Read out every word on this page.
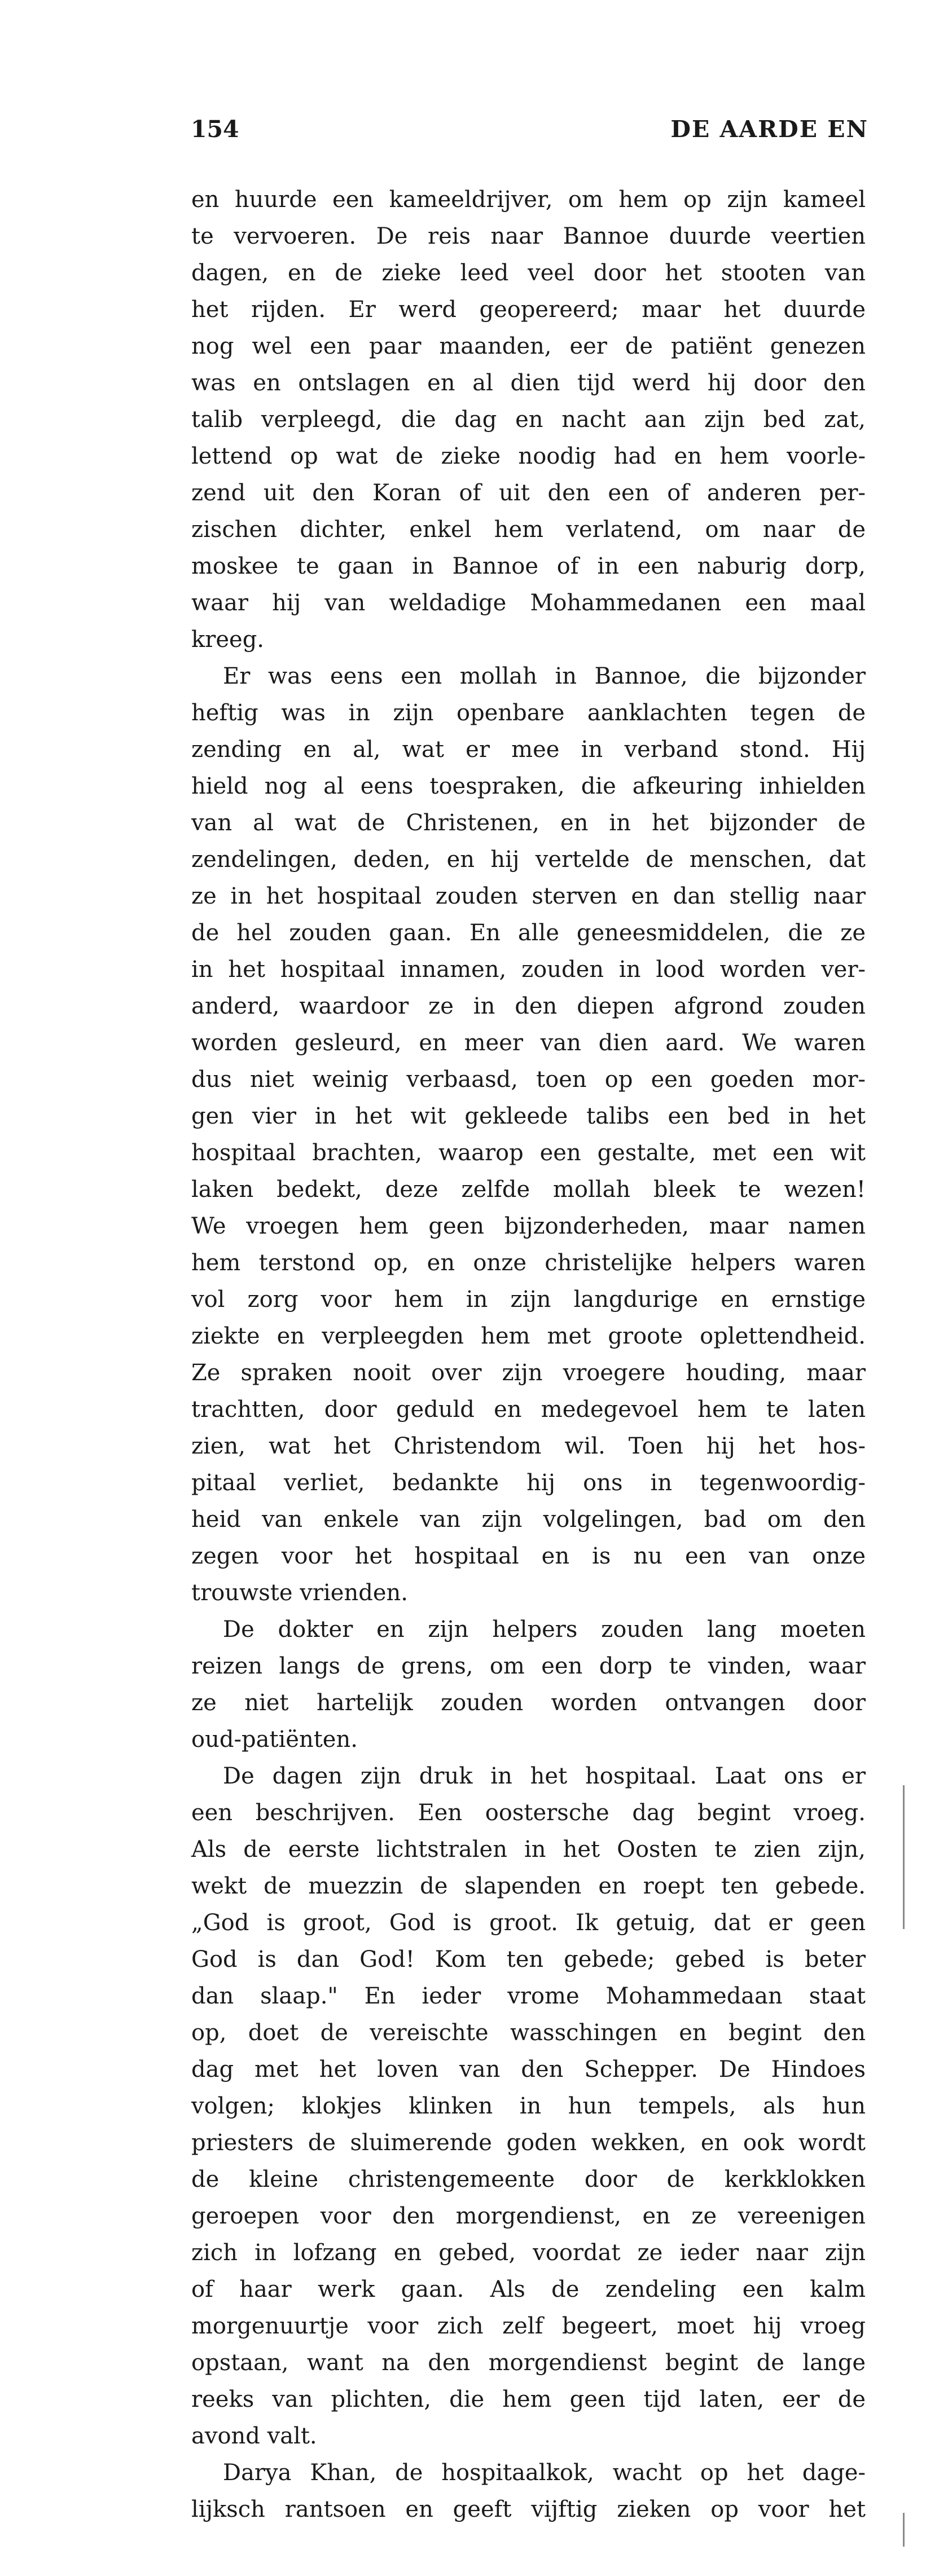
154	DE AARDE EN
en huurde een kameeldrijver, om hem op zijn kameel
te vervoeren. De reis naar Bannoe duurde veertien
dagen, en de zieke leed veel door het stooten van
het rijden. Er werd geopereerd; maar het duurde
nog wel een paar maanden, eer de patiënt genezen
was en ontslagen en al dien tijd werd hij door den
talib verpleegd, die dag en nacht aan zijn bed zat,
lettend op wat de zieke noodig had en hem voorle-
zend uit den Koran of uit den een of anderen per-
zischen dichter, enkel hem verlatend, om naar de
moskee te gaan in Bannoe of in een naburig dorp,
waar hij van weldadige Mohammedanen een maal
kreeg.
Er was eens een mollah in Bannoe, die bijzonder
heftig was in zijn openbare aanklachten tegen de
zending en al, wat er mee in verband stond. Hij
hield nog al eens toespraken, die afkeuring inhielden
van al wat de Christenen, en in het bijzonder de
zendelingen, deden, en hij vertelde de menschen, dat
ze in het hospitaal zouden sterven en dan stellig naar
de hel zouden gaan. En alle geneesmiddelen, die ze
in het hospitaal innamen, zouden in lood worden ver-
anderd, waardoor ze in den diepen afgrond zouden
worden gesleurd, en meer van dien aard. We waren
dus niet weinig verbaasd, toen op een goeden mor-
gen vier in het wit gekleede talibs een bed in het
hospitaal brachten, waarop een gestalte, met een wit
laken bedekt, deze zelfde mollah bleek te wezen!
We vroegen hem geen bijzonderheden, maar namen
hem terstond op, en onze christelijke helpers waren
vol zorg voor hem in zijn langdurige en ernstige
ziekte en verpleegden hem met groote oplettendheid.
Ze spraken nooit over zijn vroegere houding, maar
trachtten, door geduld en medegevoel hem te laten
zien, wat het Christendom wil. Toen hij het hos-
pitaal verliet, bedankte hij ons in tegenwoordig-
heid van enkele van zijn volgelingen, bad om den
zegen voor het hospitaal en is nu een van onze
trouwste vrienden.
De dokter en zijn helpers zouden lang moeten
reizen langs de grens, om een dorp te vinden, waar
ze niet hartelijk zouden worden ontvangen door
oud-patiënten.
De dagen zijn druk in het hospitaal. Laat ons er
een beschrijven. Een oostersche dag begint vroeg.
Als de eerste lichtstralen in het Oosten te zien zijn,
wekt de muezzin de slapenden en roept ten gebede.
„God is groot, God is groot. Ik getuig, dat er geen
God is dan God! Kom ten gebede; gebed is beter
dan slaap." En ieder vrome Mohammedaan staat
op, doet de vereischte wasschingen en begint den
dag met het loven van den Schepper. De Hindoes
volgen; klokjes klinken in hun tempels, als hun
priesters de sluimerende goden wekken, en ook wordt
de kleine christengemeente door de kerkklokken
geroepen voor den morgendienst, en ze vereenigen
zich in lofzang en gebed, voordat ze ieder naar zijn
of haar werk gaan. Als de zendeling een kalm
morgenuurtje voor zich zelf begeert, moet hij vroeg
opstaan, want na den morgendienst begint de lange
reeks van plichten, die hem geen tijd laten, eer de
avond valt.
Darya Khan, de hospitaalkok, wacht op het dage-
lijksch rantsoen en geeft vijftig zieken op voor het
